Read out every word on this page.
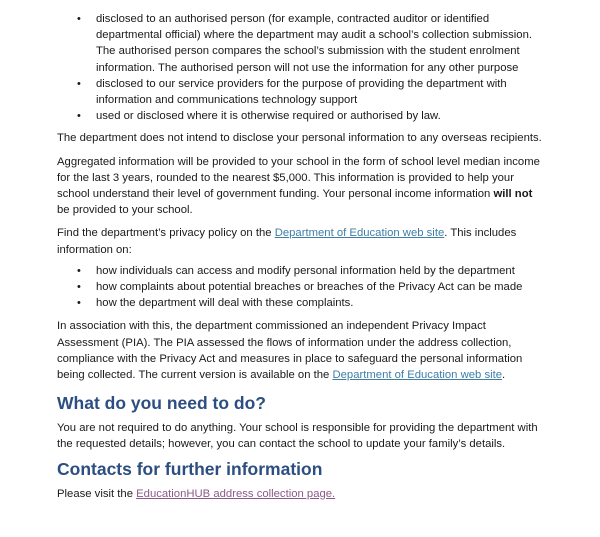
• disclosed to an authorised person (for example, contracted auditor or identified departmental official) where the department may audit a school’s collection submission. The authorised person compares the school’s submission with the student enrolment information. The authorised person will not use the information for any other purpose
• disclosed to our service providers for the purpose of providing the department with information and communications technology support
• used or disclosed where it is otherwise required or authorised by law.

The department does not intend to disclose your personal information to any overseas recipients.

Aggregated information will be provided to your school in the form of school level median income for the last 3 years, rounded to the nearest $5,000. This information is provided to help your school understand their level of government funding. Your personal income information will not be provided to your school.

Find the department’s privacy policy on the Department of Education web site. This includes information on:

• how individuals can access and modify personal information held by the department
• how complaints about potential breaches or breaches of the Privacy Act can be made
• how the department will deal with these complaints.

In association with this, the department commissioned an independent Privacy Impact Assessment (PIA). The PIA assessed the flows of information under the address collection, compliance with the Privacy Act and measures in place to safeguard the personal information being collected. The current version is available on the Department of Education web site.

What do you need to do?

You are not required to do anything. Your school is responsible for providing the department with the requested details; however, you can contact the school to update your family’s details.

Contacts for further information

Please visit the EducationHUB address collection page.
